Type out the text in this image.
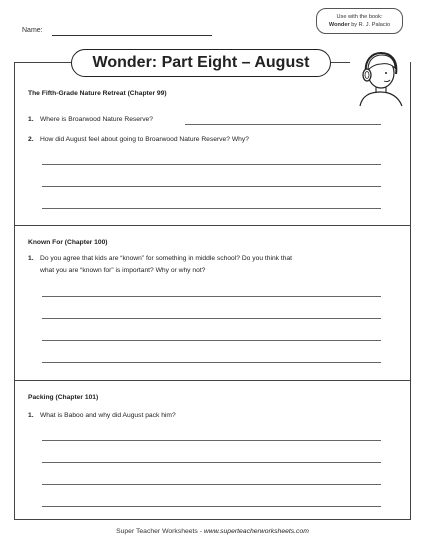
Name:
Use with the book:
Wonder by R. J. Palacio
Wonder: Part Eight – August
The Fifth-Grade Nature Retreat (Chapter 99)
1. Where is Broarwood Nature Reserve?
2. How did August feel about going to Broarwood Nature Reserve? Why?
Known For (Chapter 100)
1. Do you agree that kids are “known” for something in middle school? Do you think that
what you are “known for” is important? Why or why not?
Packing (Chapter 101)
1. What is Baboo and why did August pack him?
Super Teacher Worksheets - www.superteacherworksheets.com
